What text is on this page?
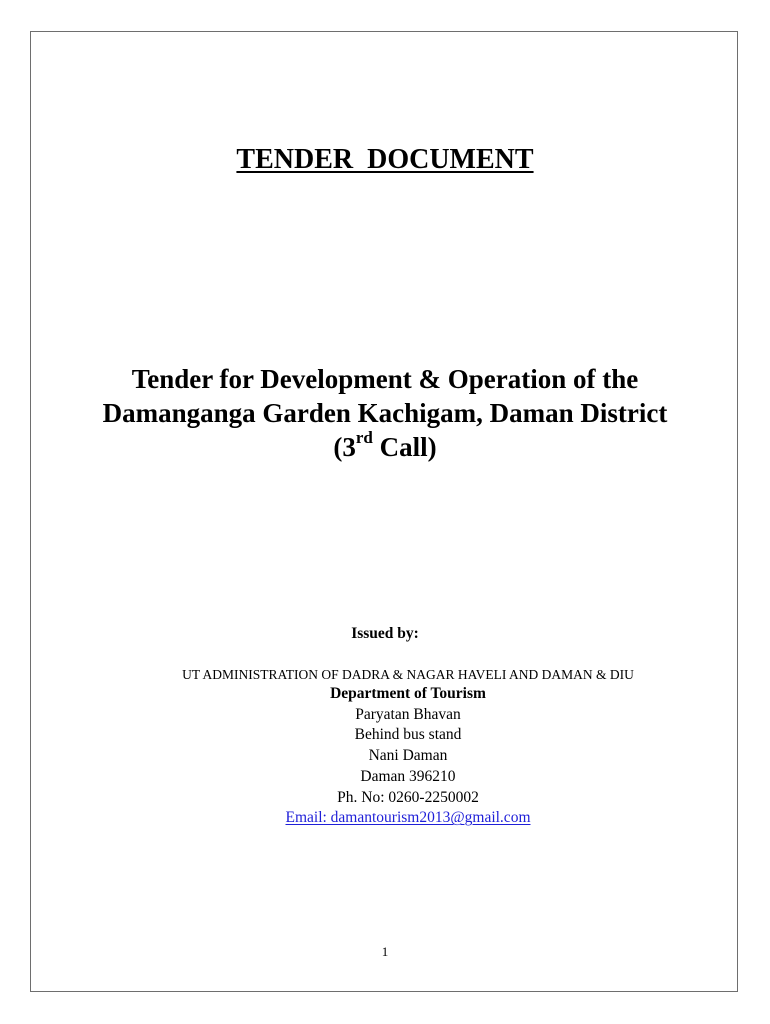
TENDER  DOCUMENT
Tender for Development & Operation of the
Damanganga Garden Kachigam, Daman District
(3rd Call)
Issued by:
UT ADMINISTRATION OF DADRA & NAGAR HAVELI AND DAMAN & DIU
Department of Tourism
Paryatan Bhavan
Behind bus stand
Nani Daman
Daman 396210
Ph. No: 0260-2250002
Email: damantourism2013@gmail.com
1
